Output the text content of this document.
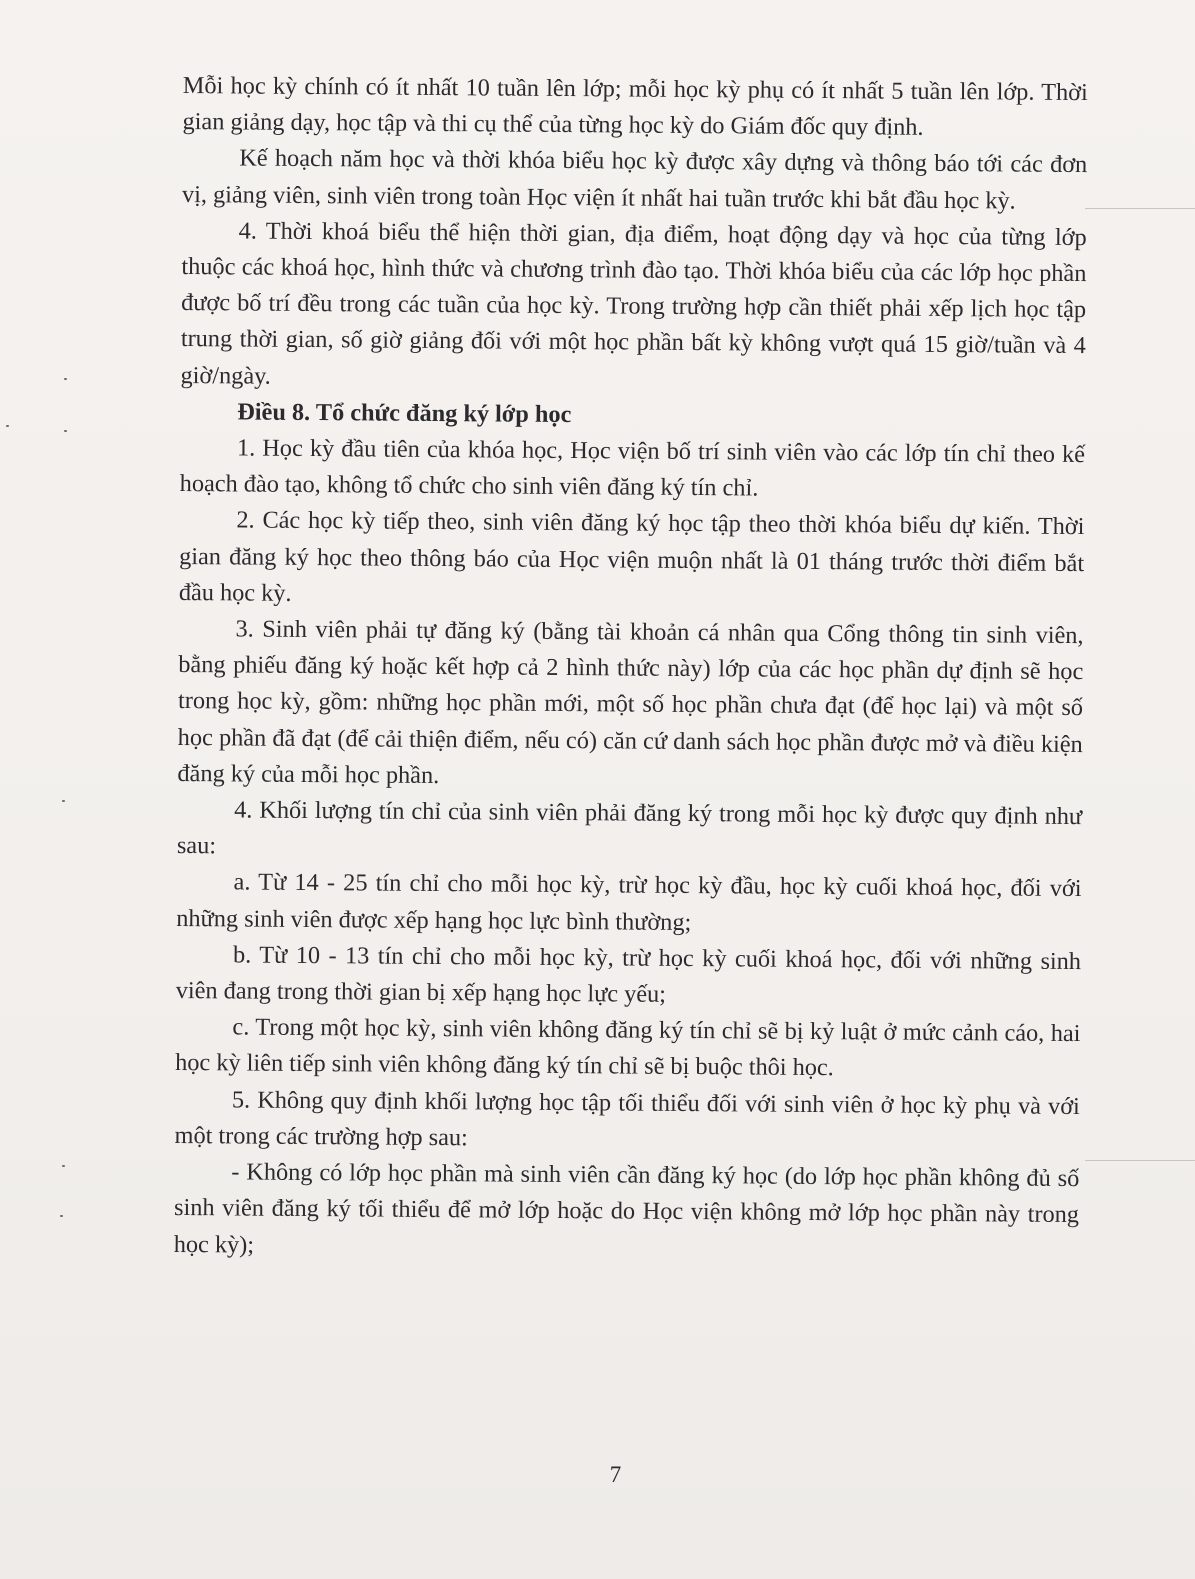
Mỗi học kỳ chính có ít nhất 10 tuần lên lớp; mỗi học kỳ phụ có ít nhất 5 tuần lên lớp. Thời gian giảng dạy, học tập và thi cụ thể của từng học kỳ do Giám đốc quy định.

Kế hoạch năm học và thời khóa biểu học kỳ được xây dựng và thông báo tới các đơn vị, giảng viên, sinh viên trong toàn Học viện ít nhất hai tuần trước khi bắt đầu học kỳ.

4. Thời khoá biểu thể hiện thời gian, địa điểm, hoạt động dạy và học của từng lớp thuộc các khoá học, hình thức và chương trình đào tạo. Thời khóa biểu của các lớp học phần được bố trí đều trong các tuần của học kỳ. Trong trường hợp cần thiết phải xếp lịch học tập trung thời gian, số giờ giảng đối với một học phần bất kỳ không vượt quá 15 giờ/tuần và 4 giờ/ngày.

Điều 8. Tổ chức đăng ký lớp học

1. Học kỳ đầu tiên của khóa học, Học viện bố trí sinh viên vào các lớp tín chỉ theo kế hoạch đào tạo, không tổ chức cho sinh viên đăng ký tín chỉ.

2. Các học kỳ tiếp theo, sinh viên đăng ký học tập theo thời khóa biểu dự kiến. Thời gian đăng ký học theo thông báo của Học viện muộn nhất là 01 tháng trước thời điểm bắt đầu học kỳ.

3. Sinh viên phải tự đăng ký (bằng tài khoản cá nhân qua Cổng thông tin sinh viên, bằng phiếu đăng ký hoặc kết hợp cả 2 hình thức này) lớp của các học phần dự định sẽ học trong học kỳ, gồm: những học phần mới, một số học phần chưa đạt (để học lại) và một số học phần đã đạt (để cải thiện điểm, nếu có) căn cứ danh sách học phần được mở và điều kiện đăng ký của mỗi học phần.

4. Khối lượng tín chỉ của sinh viên phải đăng ký trong mỗi học kỳ được quy định như sau:

a. Từ 14 - 25 tín chỉ cho mỗi học kỳ, trừ học kỳ đầu, học kỳ cuối khoá học, đối với những sinh viên được xếp hạng học lực bình thường;

b. Từ 10 - 13 tín chỉ cho mỗi học kỳ, trừ học kỳ cuối khoá học, đối với những sinh viên đang trong thời gian bị xếp hạng học lực yếu;

c. Trong một học kỳ, sinh viên không đăng ký tín chỉ sẽ bị kỷ luật ở mức cảnh cáo, hai học kỳ liên tiếp sinh viên không đăng ký tín chỉ sẽ bị buộc thôi học.

5. Không quy định khối lượng học tập tối thiểu đối với sinh viên ở học kỳ phụ và với một trong các trường hợp sau:

- Không có lớp học phần mà sinh viên cần đăng ký học (do lớp học phần không đủ số sinh viên đăng ký tối thiểu để mở lớp hoặc do Học viện không mở lớp học phần này trong học kỳ);

7
